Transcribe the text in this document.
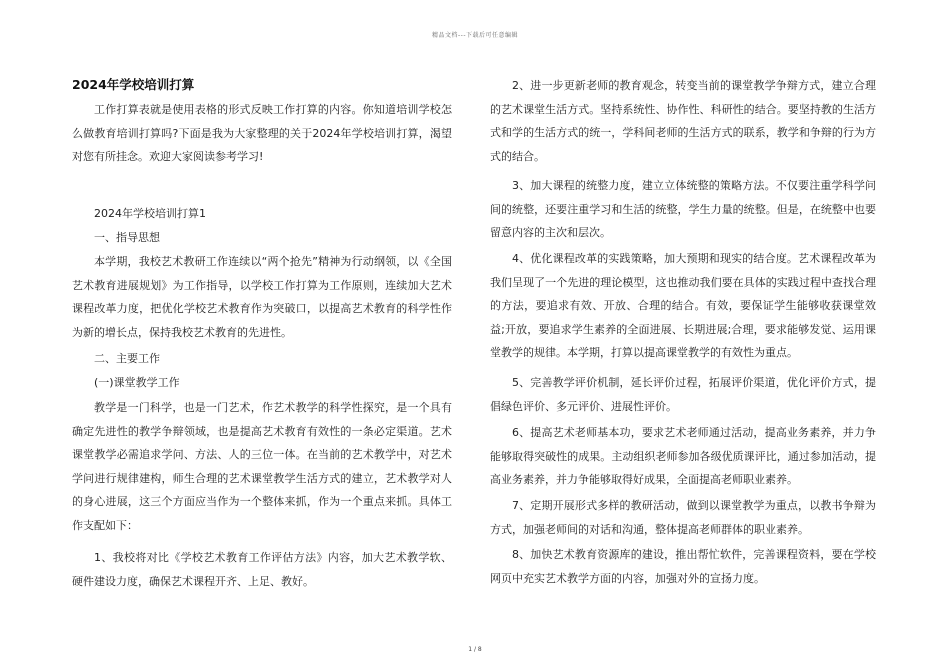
精品文档---下载后可任意编辑
2024年学校培训打算

工作打算表就是使用表格的形式反映工作打算的内容。你知道培训学校怎么做教育培训打算吗?下面是我为大家整理的关于2024年学校培训打算，渴望对您有所挂念。欢迎大家阅读参考学习!

2024年学校培训打算1

一、指导思想

本学期，我校艺术教研工作连续以“两个抢先”精神为行动纲领，以《全国艺术教育进展规划》为工作指导，以学校工作打算为工作原则，连续加大艺术课程改革力度，把优化学校艺术教育作为突破口，以提高艺术教育的科学性作为新的增长点，保持我校艺术教育的先进性。

二、主要工作

(一)课堂教学工作

教学是一门科学，也是一门艺术，作艺术教学的科学性探究，是一个具有确定先进性的教学争辩领域，也是提高艺术教育有效性的一条必定渠道。艺术课堂教学必需追求学问、方法、人的三位一体。在当前的艺术教学中，对艺术学问进行规律建构，师生合理的艺术课堂教学生活方式的建立，艺术教学对人的身心进展，这三个方面应当作为一个整体来抓，作为一个重点来抓。具体工作支配如下：

1、我校将对比《学校艺术教育工作评估方法》内容，加大艺术教学软、硬件建设力度，确保艺术课程开齐、上足、教好。

2、进一步更新老师的教育观念，转变当前的课堂教学争辩方式，建立合理的艺术课堂生活方式。坚持系统性、协作性、科研性的结合。要坚持教的生活方式和学的生活方式的统一，学科间老师的生活方式的联系，教学和争辩的行为方式的结合。

3、加大课程的统整力度，建立立体统整的策略方法。不仅要注重学科学问间的统整，还要注重学习和生活的统整，学生力量的统整。但是，在统整中也要留意内容的主次和层次。

4、优化课程改革的实践策略，加大预期和现实的结合度。艺术课程改革为我们呈现了一个先进的理论模型，这也推动我们要在具体的实践过程中查找合理的方法，要追求有效、开放、合理的结合。有效，要保证学生能够收获课堂效益;开放，要追求学生素养的全面进展、长期进展;合理，要求能够发觉、运用课堂教学的规律。本学期，打算以提高课堂教学的有效性为重点。

5、完善教学评价机制，延长评价过程，拓展评价渠道，优化评价方式，提倡绿色评价、多元评价、进展性评价。

6、提高艺术老师基本功，要求艺术老师通过活动，提高业务素养，并力争能够取得突破性的成果。主动组织老师参加各级优质课评比，通过参加活动，提高业务素养，并力争能够取得好成果，全面提高老师职业素养。

7、定期开展形式多样的教研活动，做到以课堂教学为重点，以教书争辩为方式，加强老师间的对话和沟通，整体提高老师群体的职业素养。

8、加快艺术教育资源库的建设，推出帮忙软件，完善课程资料，要在学校网页中充实艺术教学方面的内容，加强对外的宣扬力度。

1 / 8
